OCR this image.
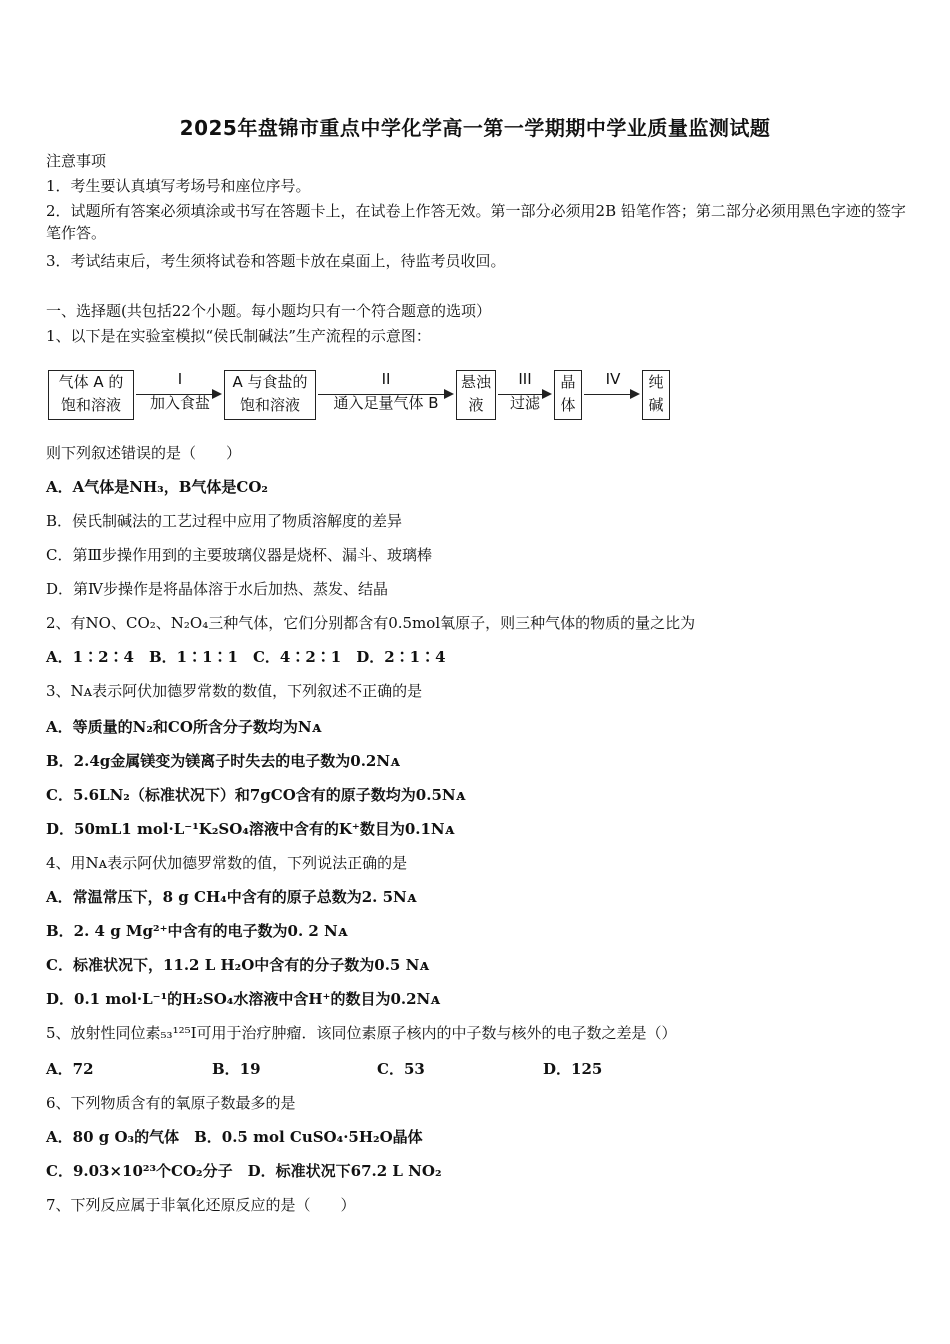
2025年盘锦市重点中学化学高一第一学期期中学业质量监测试题
注意事项
1．考生要认真填写考场号和座位序号。
2．试题所有答案必须填涂或书写在答题卡上，在试卷上作答无效。第一部分必须用2B 铅笔作答；第二部分必须用黑色字迹的签字笔作答。
3．考试结束后，考生须将试卷和答题卡放在桌面上，待监考员收回。
一、选择题(共包括22个小题。每小题均只有一个符合题意的选项）
1、以下是在实验室模拟“侯氏制碱法”生产流程的示意图：
气体 A 的
饱和溶液
I
加入食盐
A 与食盐的
饱和溶液
II
通入足量气体 B
悬浊
液
III
过滤
晶
体
IV	纯
碱
则下列叙述错误的是（　　）
A．A气体是NH₃，B气体是CO₂
B．侯氏制碱法的工艺过程中应用了物质溶解度的差异
C．第Ⅲ步操作用到的主要玻璃仪器是烧杯、漏斗、玻璃棒
D．第Ⅳ步操作是将晶体溶于水后加热、蒸发、结晶
2、有NO、CO₂、N₂O₄三种气体，它们分别都含有0.5mol氧原子，则三种气体的物质的量之比为
A．1∶2∶4　B．1∶1∶1　C．4∶2∶1　D．2∶1∶4
3、Nᴀ表示阿伏加德罗常数的数值，下列叙述不正确的是
A．等质量的N₂和CO所含分子数均为Nᴀ
B．2.4g金属镁变为镁离子时失去的电子数为0.2Nᴀ
C．5.6LN₂（标准状况下）和7gCO含有的原子数均为0.5Nᴀ
D．50mL1 mol·L⁻¹K₂SO₄溶液中含有的K⁺数目为0.1Nᴀ
4、用Nᴀ表示阿伏加德罗常数的值，下列说法正确的是
A．常温常压下，8 g CH₄中含有的原子总数为2. 5Nᴀ
B．2. 4 g Mg²⁺中含有的电子数为0. 2 Nᴀ
C．标准状况下，11.2 L H₂O中含有的分子数为0.5 Nᴀ
D．0.1 mol·L⁻¹的H₂SO₄水溶液中含H⁺的数目为0.2Nᴀ
5、放射性同位素₅₃¹²⁵I可用于治疗肿瘤．该同位素原子核内的中子数与核外的电子数之差是（）
A．72	B．19	C．53	D．125
6、下列物质含有的氧原子数最多的是
A．80 g O₃的气体　B．0.5 mol CuSO₄·5H₂O晶体
C．9.03×10²³个CO₂分子　D．标准状况下67.2 L NO₂
7、下列反应属于非氧化还原反应的是（　　）
